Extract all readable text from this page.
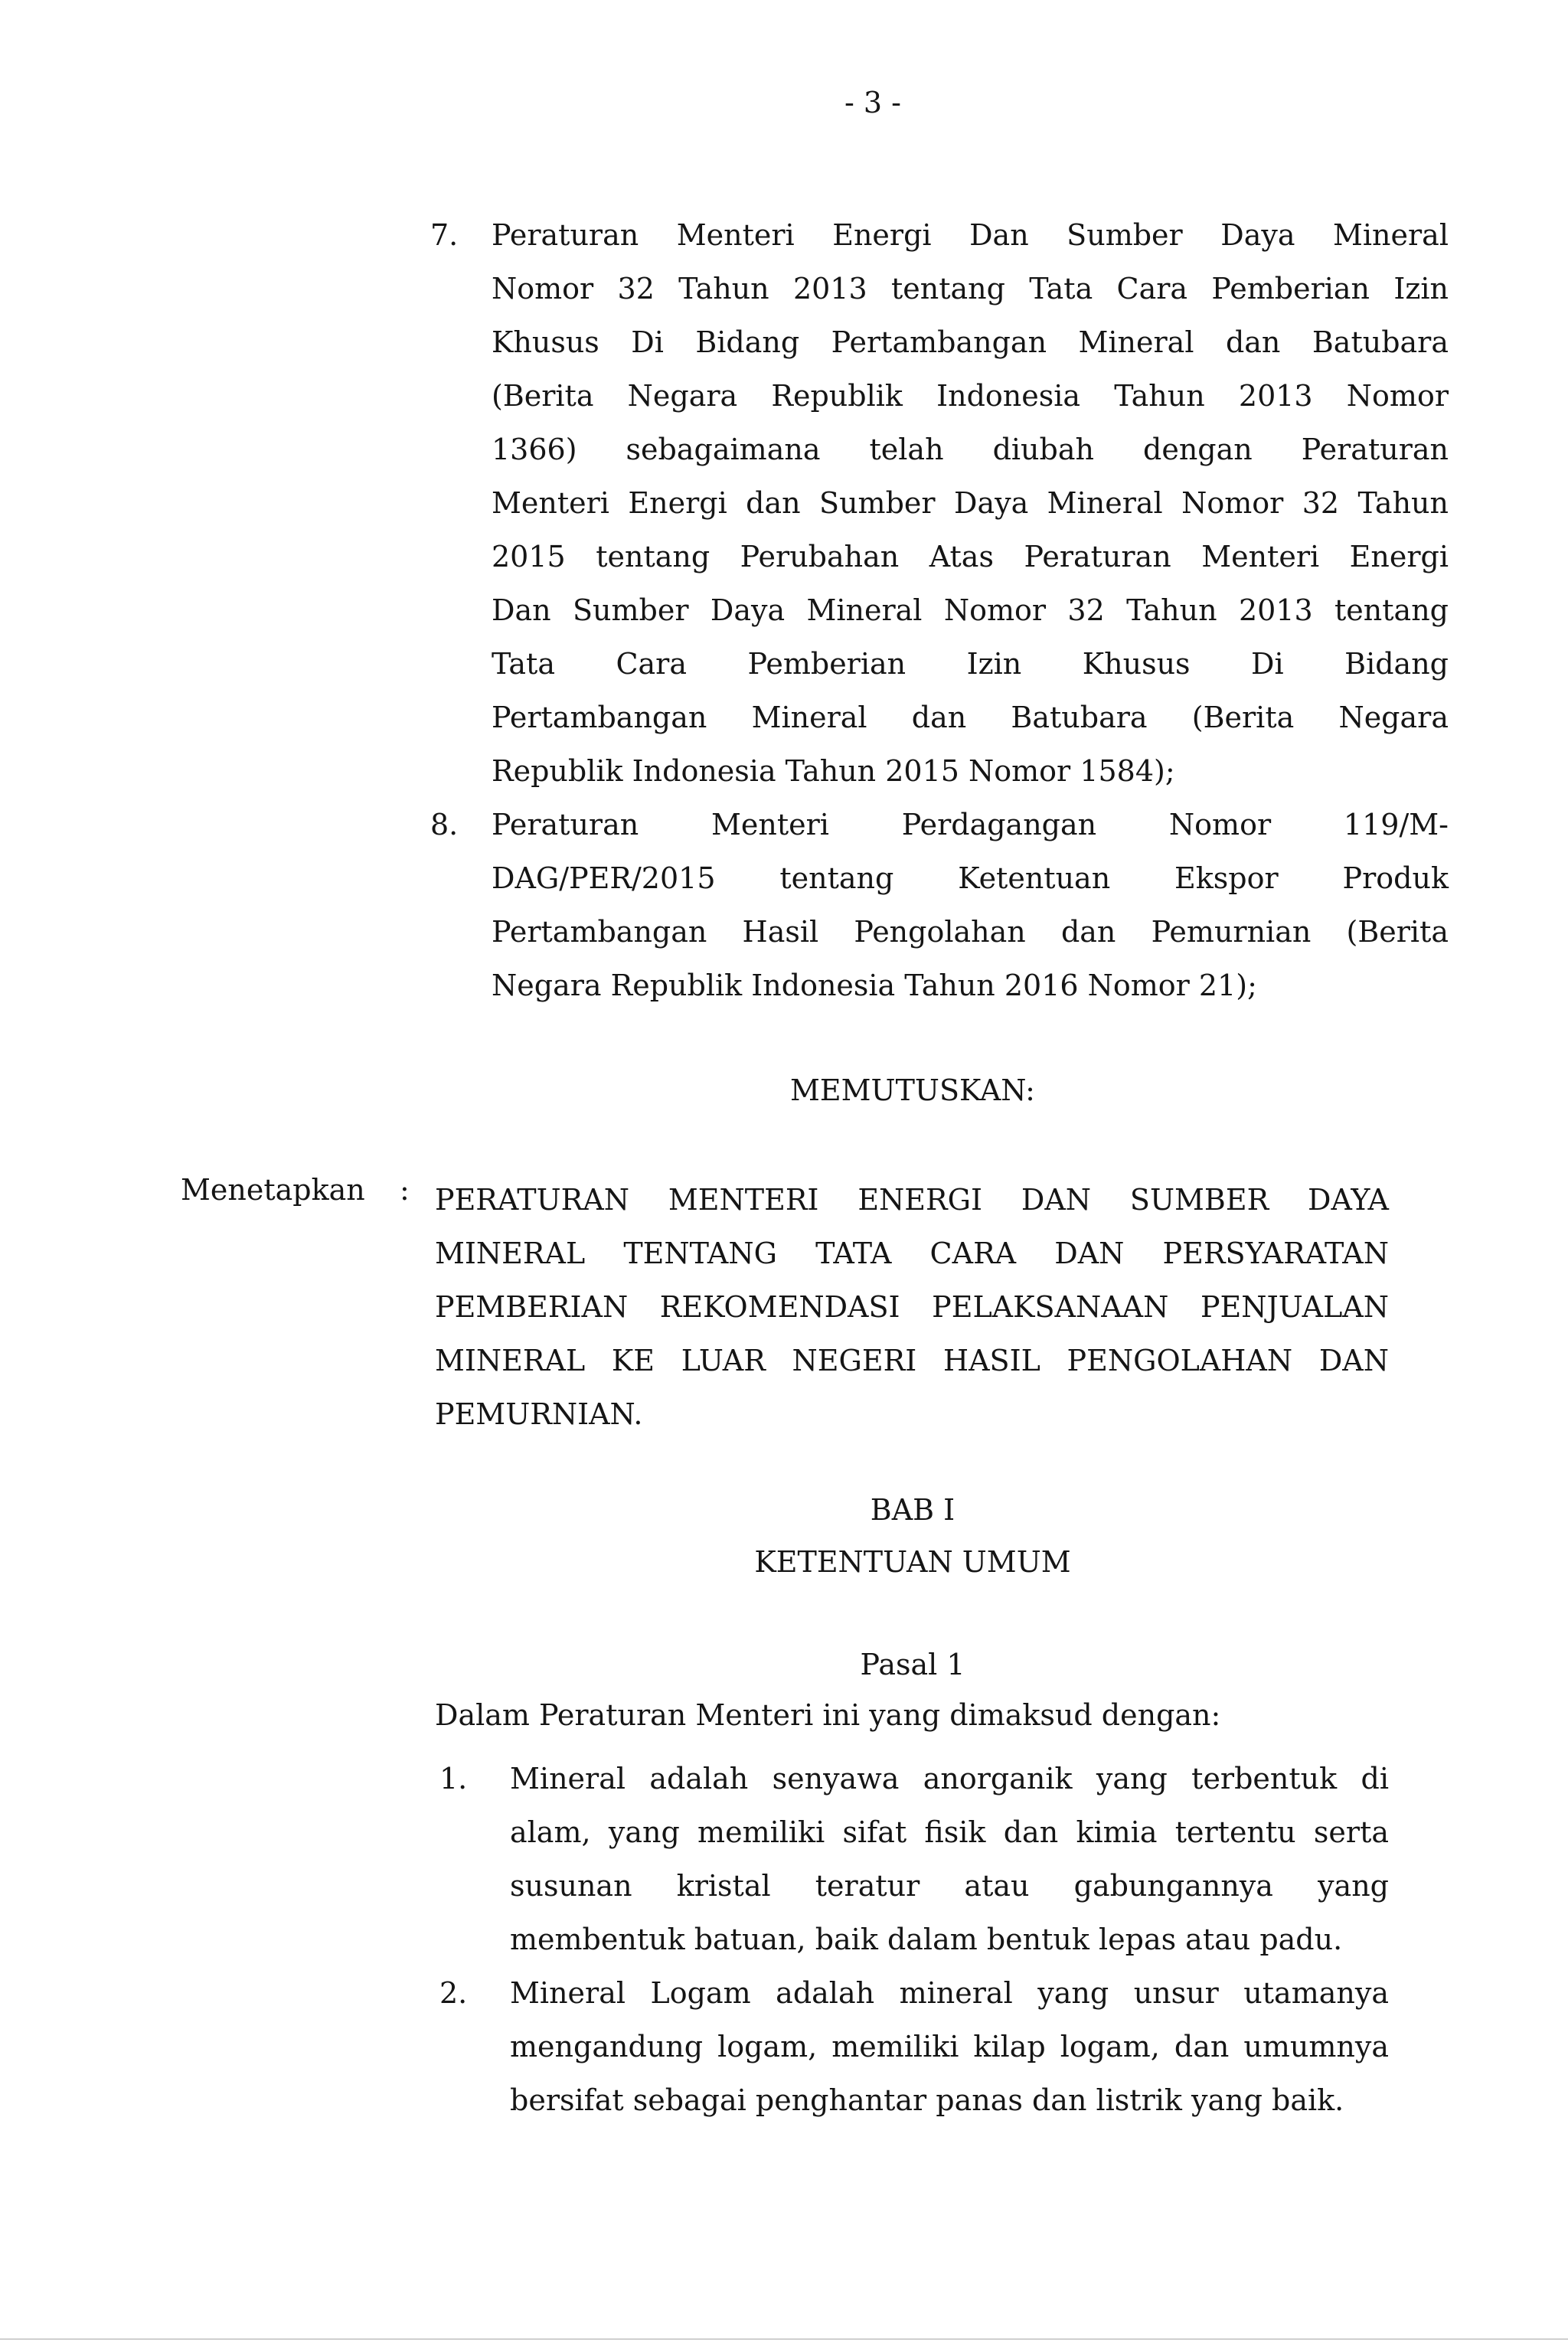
- 3 -
7. Peraturan Menteri Energi Dan Sumber Daya Mineral
Nomor 32 Tahun 2013 tentang Tata Cara Pemberian Izin
Khusus Di Bidang Pertambangan Mineral dan Batubara
(Berita Negara Republik Indonesia Tahun 2013 Nomor
1366) sebagaimana telah diubah dengan Peraturan
Menteri Energi dan Sumber Daya Mineral Nomor 32 Tahun
2015 tentang Perubahan Atas Peraturan Menteri Energi
Dan Sumber Daya Mineral Nomor 32 Tahun 2013 tentang
Tata Cara Pemberian Izin Khusus Di Bidang
Pertambangan Mineral dan Batubara (Berita Negara
Republik Indonesia Tahun 2015 Nomor 1584);
8. Peraturan Menteri Perdagangan Nomor 119/M-
DAG/PER/2015 tentang Ketentuan Ekspor Produk
Pertambangan Hasil Pengolahan dan Pemurnian (Berita
Negara Republik Indonesia Tahun 2016 Nomor 21);
MEMUTUSKAN:
Menetapkan : PERATURAN MENTERI ENERGI DAN SUMBER DAYA
MINERAL TENTANG TATA CARA DAN PERSYARATAN
PEMBERIAN REKOMENDASI PELAKSANAAN PENJUALAN
MINERAL KE LUAR NEGERI HASIL PENGOLAHAN DAN
PEMURNIAN.
BAB I
KETENTUAN UMUM
Pasal 1
Dalam Peraturan Menteri ini yang dimaksud dengan:
1. Mineral adalah senyawa anorganik yang terbentuk di
alam, yang memiliki sifat fisik dan kimia tertentu serta
susunan kristal teratur atau gabungannya yang
membentuk batuan, baik dalam bentuk lepas atau padu.
2. Mineral Logam adalah mineral yang unsur utamanya
mengandung logam, memiliki kilap logam, dan umumnya
bersifat sebagai penghantar panas dan listrik yang baik.
